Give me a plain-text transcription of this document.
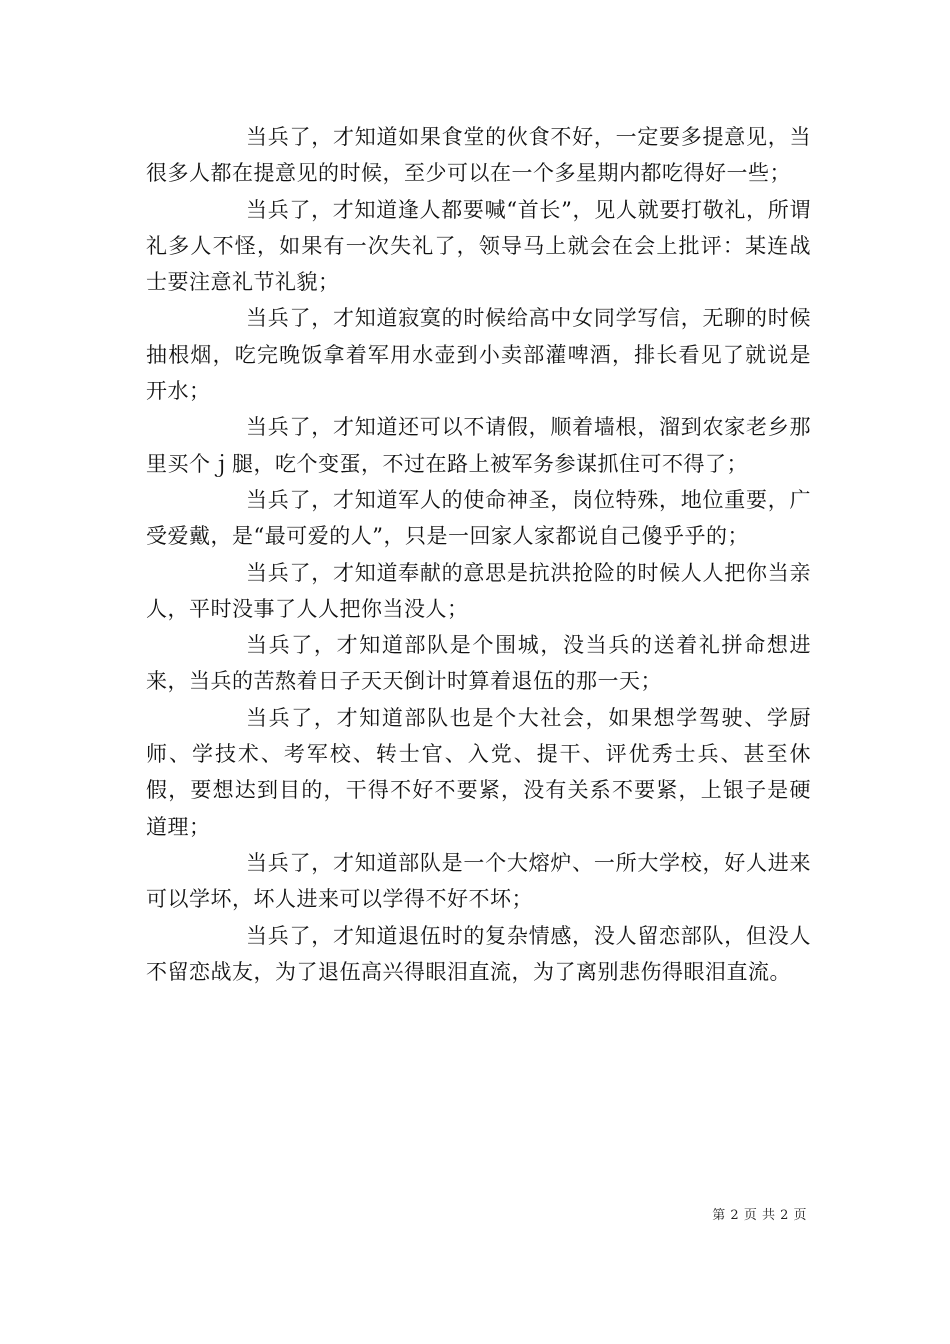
当兵了，才知道如果食堂的伙食不好，一定要多提意见，当很多人都在提意见的时候，至少可以在一个多星期内都吃得好一些；

当兵了，才知道逢人都要喊“首长”，见人就要打敬礼，所谓礼多人不怪，如果有一次失礼了，领导马上就会在会上批评：某连战士要注意礼节礼貌；

当兵了，才知道寂寞的时候给高中女同学写信，无聊的时候抽根烟，吃完晚饭拿着军用水壶到小卖部灌啤酒，排长看见了就说是开水；

当兵了，才知道还可以不请假，顺着墙根，溜到农家老乡那里买个ｊ腿，吃个变蛋，不过在路上被军务参谋抓住可不得了；

当兵了，才知道军人的使命神圣，岗位特殊，地位重要，广受爱戴，是“最可爱的人”，只是一回家人家都说自己傻乎乎的；

当兵了，才知道奉献的意思是抗洪抢险的时候人人把你当亲人，平时没事了人人把你当没人；

当兵了，才知道部队是个围城，没当兵的送着礼拼命想进来，当兵的苦熬着日子天天倒计时算着退伍的那一天；

当兵了，才知道部队也是个大社会，如果想学驾驶、学厨师、学技术、考军校、转士官、入党、提干、评优秀士兵、甚至休假，要想达到目的，干得不好不要紧，没有关系不要紧，上银子是硬道理；

当兵了，才知道部队是一个大熔炉、一所大学校，好人进来可以学坏，坏人进来可以学得不好不坏；

当兵了，才知道退伍时的复杂情感，没人留恋部队，但没人不留恋战友，为了退伍高兴得眼泪直流，为了离别悲伤得眼泪直流。

第 2 页 共 2 页
